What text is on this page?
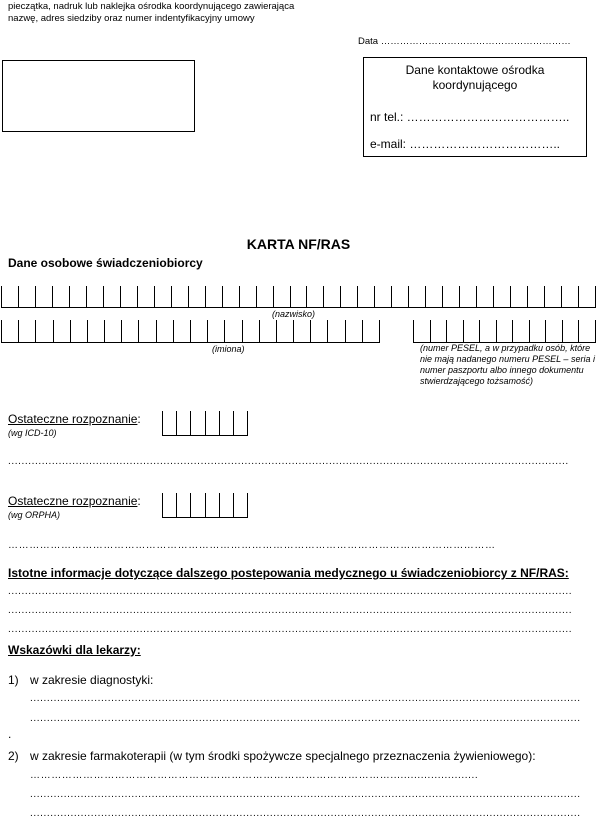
pieczątka, nadruk lub naklejka ośrodka koordynującego zawierająca nazwę, adres siedziby oraz numer indentyfikacyjny umowy
Data ……………………………………………………
Dane kontaktowe ośrodka koordynującego
nr tel.: …………………………………..
e-mail: ………………………………..
KARTA NF/RAS
Dane osobowe świadczeniobiorcy
(nazwisko)
(imiona)	(numer PESEL, a w przypadku osób, które nie mają nadanego numeru PESEL – seria i numer paszportu albo innego dokumentu stwierdzającego tożsamość)
Ostateczne rozpoznanie:
(wg ICD-10)
......................................................................................................................................................................
Ostateczne rozpoznanie:
(wg ORPHA)
…………………………………………………………………………………………………………………………
Istotne informacje dotyczące dalszego postepowania medycznego u świadczeniobiorcy z NF/RAS:
.......................................................................................................................................................................
.......................................................................................................................................................................
.......................................................................................................................................................................
Wskazówki dla lekarzy:
1) w zakresie diagnostyki:
...................................................................................................................................................................
...................................................................................................................................................................
.
2) w zakresie farmakoterapii (w tym środki spożywcze specjalnego przeznaczenia żywieniowego):
…………………………………………………………………………………………..........................
...................................................................................................................................................................
...................................................................................................................................................................
